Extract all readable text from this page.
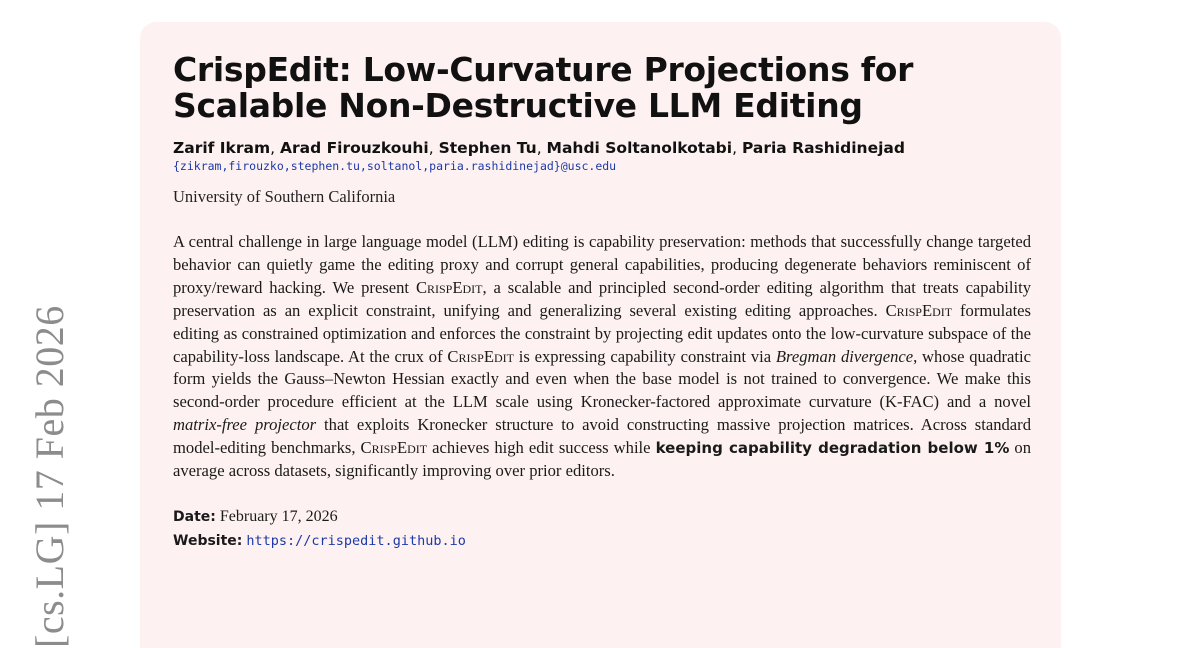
[cs.LG] 17 Feb 2026
CrispEdit: Low-Curvature Projections for
Scalable Non-Destructive LLM Editing
Zarif Ikram, Arad Firouzkouhi, Stephen Tu, Mahdi Soltanolkotabi, Paria Rashidinejad
{zikram,firouzko,stephen.tu,soltanol,paria.rashidinejad}@usc.edu
University of Southern California
A central challenge in large language model (LLM) editing is capability preservation: methods that successfully change targeted behavior can quietly game the editing proxy and corrupt general capabilities, producing degenerate behaviors reminiscent of proxy/reward hacking. We present CrispEdit, a scalable and principled second-order editing algorithm that treats capability preservation as an explicit constraint, unifying and generalizing several existing editing approaches. CrispEdit formulates editing as constrained optimization and enforces the constraint by projecting edit updates onto the low-curvature subspace of the capability-loss landscape. At the crux of CrispEdit is expressing capability constraint via Bregman divergence, whose quadratic form yields the Gauss–Newton Hessian exactly and even when the base model is not trained to convergence. We make this second-order procedure efficient at the LLM scale using Kronecker-factored approximate curvature (K-FAC) and a novel matrix-free projector that exploits Kronecker structure to avoid constructing massive projection matrices. Across standard model-editing benchmarks, CrispEdit achieves high edit success while keeping capability degradation below 1% on average across datasets, significantly improving over prior editors.
Date: February 17, 2026
Website: https://crispedit.github.io
